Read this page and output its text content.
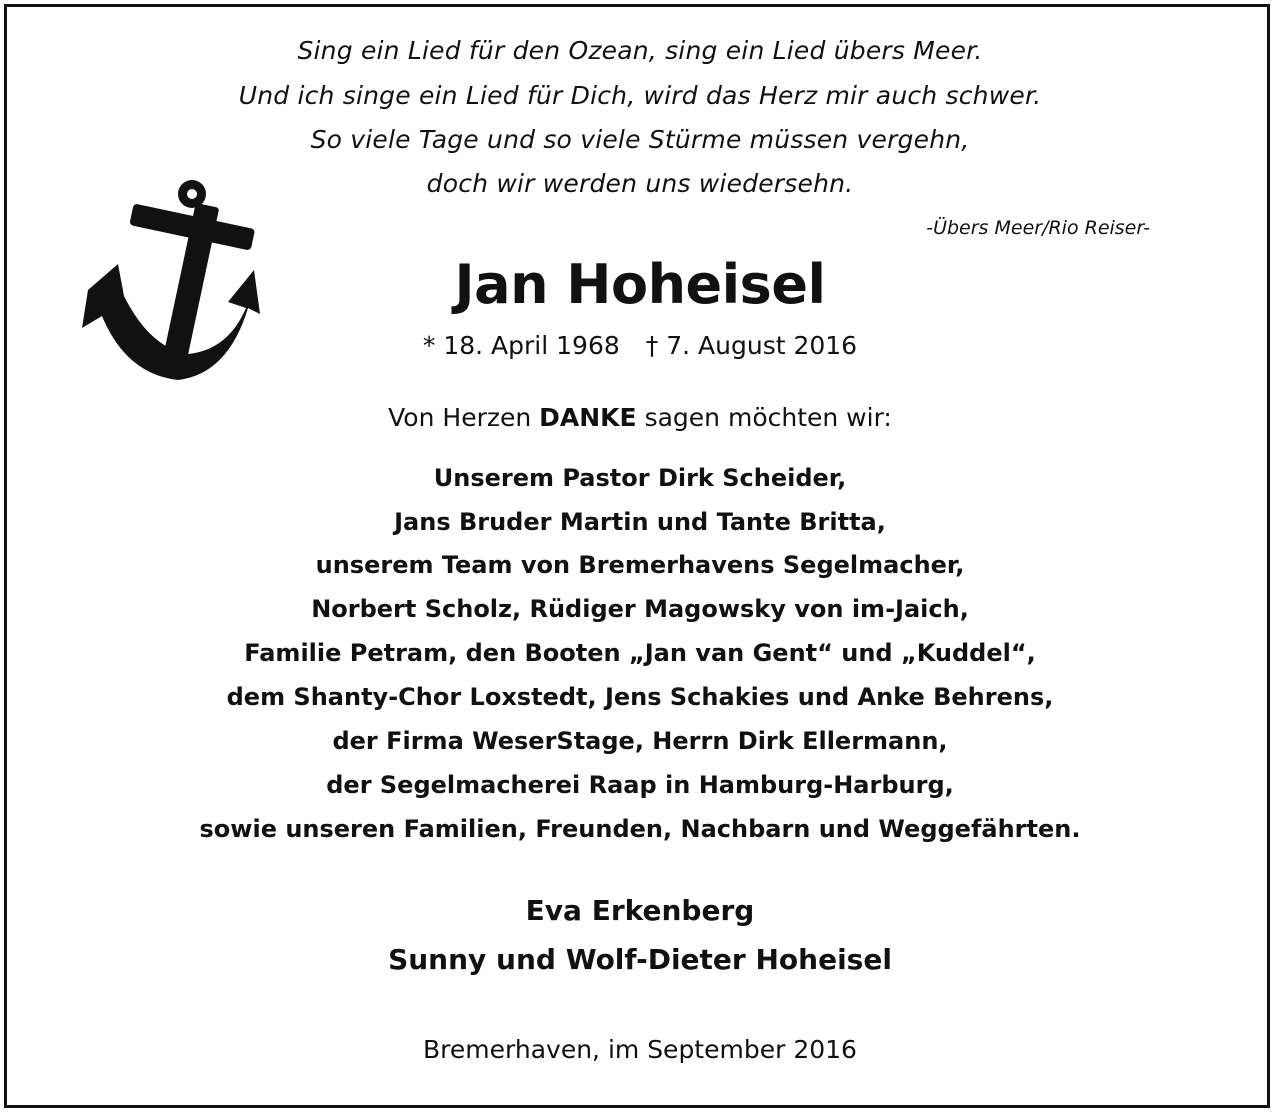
Sing ein Lied für den Ozean, sing ein Lied übers Meer.
Und ich singe ein Lied für Dich, wird das Herz mir auch schwer.
So viele Tage und so viele Stürme müssen vergehn,
doch wir werden uns wiedersehn.
-Übers Meer/Rio Reiser-
Jan Hoheisel
* 18. April 1968 † 7. August 2016
Von Herzen DANKE sagen möchten wir:
Unserem Pastor Dirk Scheider,
Jans Bruder Martin und Tante Britta,
unserem Team von Bremerhavens Segelmacher,
Norbert Scholz, Rüdiger Magowsky von im-Jaich,
Familie Petram, den Booten „Jan van Gent“ und „Kuddel“,
dem Shanty-Chor Loxstedt, Jens Schakies und Anke Behrens,
der Firma WeserStage, Herrn Dirk Ellermann,
der Segelmacherei Raap in Hamburg-Harburg,
sowie unseren Familien, Freunden, Nachbarn und Weggefährten.
Eva Erkenberg
Sunny und Wolf-Dieter Hoheisel
Bremerhaven, im September 2016
